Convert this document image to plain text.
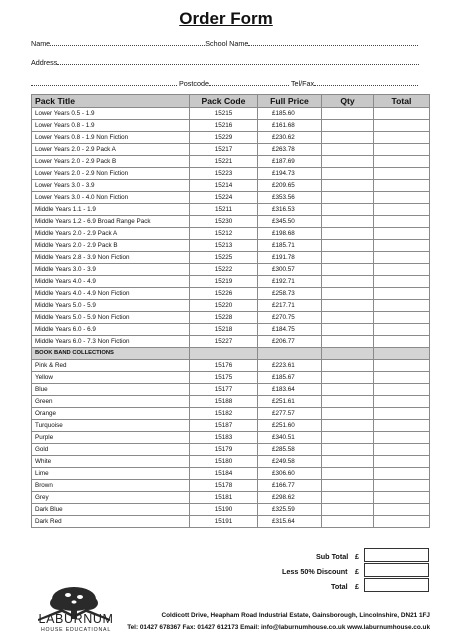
Order Form
Name	School Name
Address
Postcode	Tel/Fax
Pack Title	Pack Code	Full Price	Qty	Total
Lower Years 0.5 - 1.9	15215	£185.60		
Lower Years 0.8 - 1.9	15216	£161.68		
Lower Years 0.8 - 1.9 Non Fiction	15229	£230.62		
Lower Years 2.0 - 2.9 Pack A	15217	£263.78		
Lower Years 2.0 - 2.9 Pack B	15221	£187.69		
Lower Years 2.0 - 2.9 Non Fiction	15223	£194.73		
Lower Years 3.0 - 3.9	15214	£209.65		
Lower Years 3.0 - 4.0 Non Fiction	15224	£353.56		
Middle Years 1.1 - 1.9	15211	£316.53		
Middle Years 1.2 - 6.9 Broad Range Pack	15230	£345.50		
Middle Years 2.0 - 2.9 Pack A	15212	£198.68		
Middle Years 2.0 - 2.9 Pack B	15213	£185.71		
Middle Years 2.8 - 3.9 Non Fiction	15225	£191.78		
Middle Years 3.0 - 3.9	15222	£300.57		
Middle Years 4.0 - 4.9	15219	£192.71		
Middle Years 4.0 - 4.9 Non Fiction	15226	£258.73		
Middle Years 5.0 - 5.9	15220	£217.71		
Middle Years 5.0 - 5.9 Non Fiction	15228	£270.75		
Middle Years 6.0 - 6.9	15218	£184.75		
Middle Years 6.0 - 7.3 Non Fiction	15227	£206.77		
BOOK BAND COLLECTIONS				
Pink & Red	15176	£223.61		
Yellow	15175	£185.67		
Blue	15177	£183.64		
Green	15188	£251.61		
Orange	15182	£277.57		
Turquoise	15187	£251.60		
Purple	15183	£340.51		
Gold	15179	£285.58		
White	15180	£249.58		
Lime	15184	£306.60		
Brown	15178	£166.77		
Grey	15181	£298.62		
Dark Blue	15190	£325.59		
Dark Red	15191	£315.64		
Sub Total £
Less 50% Discount £
Total £
LABURNUM
HOUSE EDUCATIONAL
Coldicott Drive, Heapham Road Industrial Estate, Gainsborough, Lincolnshire, DN21 1FJ
Tel: 01427 678367 Fax: 01427 612173 Email: info@laburnumhouse.co.uk www.laburnumhouse.co.uk
